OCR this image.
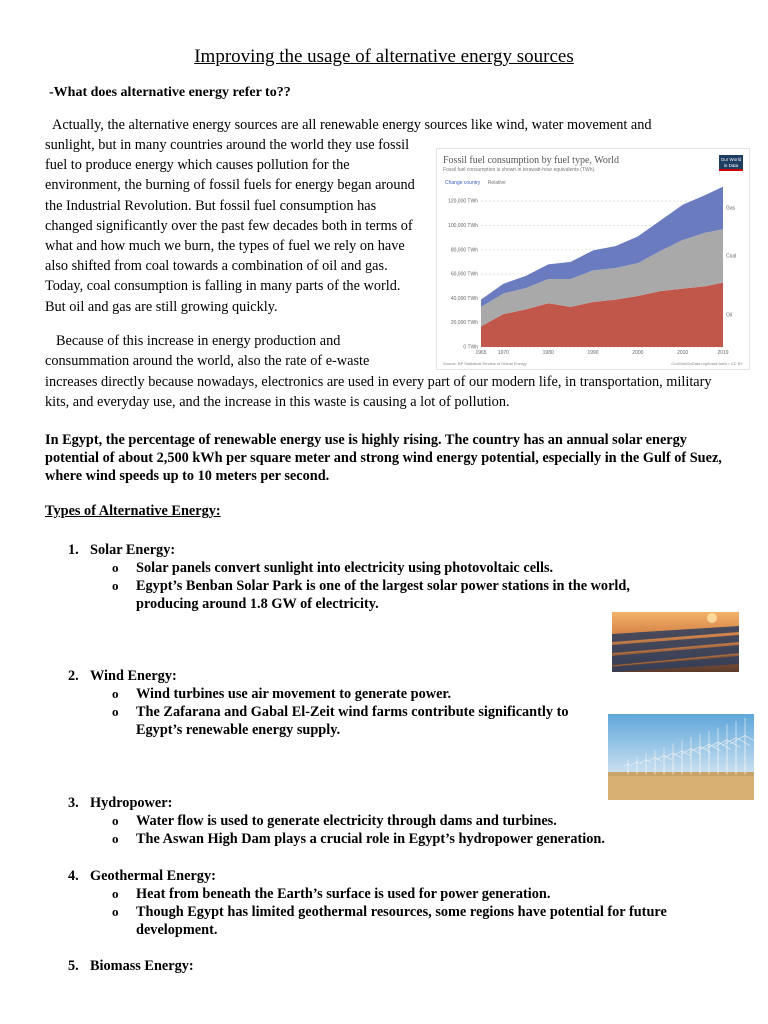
Improving the usage of alternative energy sources
-What does alternative energy refer to??
Actually, the alternative energy sources are all renewable energy sources like wind, water movement and
sunlight, but in many countries around the world they use fossil fuel to produce energy which causes pollution for the environment, the burning of fossil fuels for energy began around the Industrial Revolution. But fossil fuel consumption has changed significantly over the past few decades both in terms of what and how much we burn, the types of fuel we rely on have also shifted from coal towards a combination of oil and gas. Today, coal consumption is falling in many parts of the world. But oil and gas are still growing quickly.
Because of this increase in energy production and consummation around the world, also the rate of e-waste
increases directly because nowadays, electronics are used in every part of our modern life, in transportation, military kits, and everyday use, and the increase in this waste is causing a lot of pollution.
In Egypt, the percentage of renewable energy use is highly rising. The country has an annual solar energy potential of about 2,500 kWh per square meter and strong wind energy potential, especially in the Gulf of Suez, where wind speeds up to 10 meters per second.
Types of Alternative Energy:
1. Solar Energy:
o Solar panels convert sunlight into electricity using photovoltaic cells.
o Egypt’s Benban Solar Park is one of the largest solar power stations in the world, producing around 1.8 GW of electricity.
2. Wind Energy:
o Wind turbines use air movement to generate power.
o The Zafarana and Gabal El-Zeit wind farms contribute significantly to Egypt’s renewable energy supply.
3. Hydropower:
o Water flow is used to generate electricity through dams and turbines.
o The Aswan High Dam plays a crucial role in Egypt’s hydropower generation.
4. Geothermal Energy:
o Heat from beneath the Earth’s surface is used for power generation.
o Though Egypt has limited geothermal resources, some regions have potential for future development.
5. Biomass Energy:
0 TWh
20,000 TWh
40,000 TWh
60,000 TWh
80,000 TWh
100,000 TWh
120,000 TWh
Oil
Coal
Gas
1965 1970	1980	1990	2000	2010	2019
Fossil fuel consumption by fuel type, World
Fossil fuel consumption is shown in terawatt-hour equivalents (TWh).
Change country Relative
Our World in Data
Source: BP Statistical Review of Global Energy	OurWorldInData.org/fossil-fuels • CC BY
